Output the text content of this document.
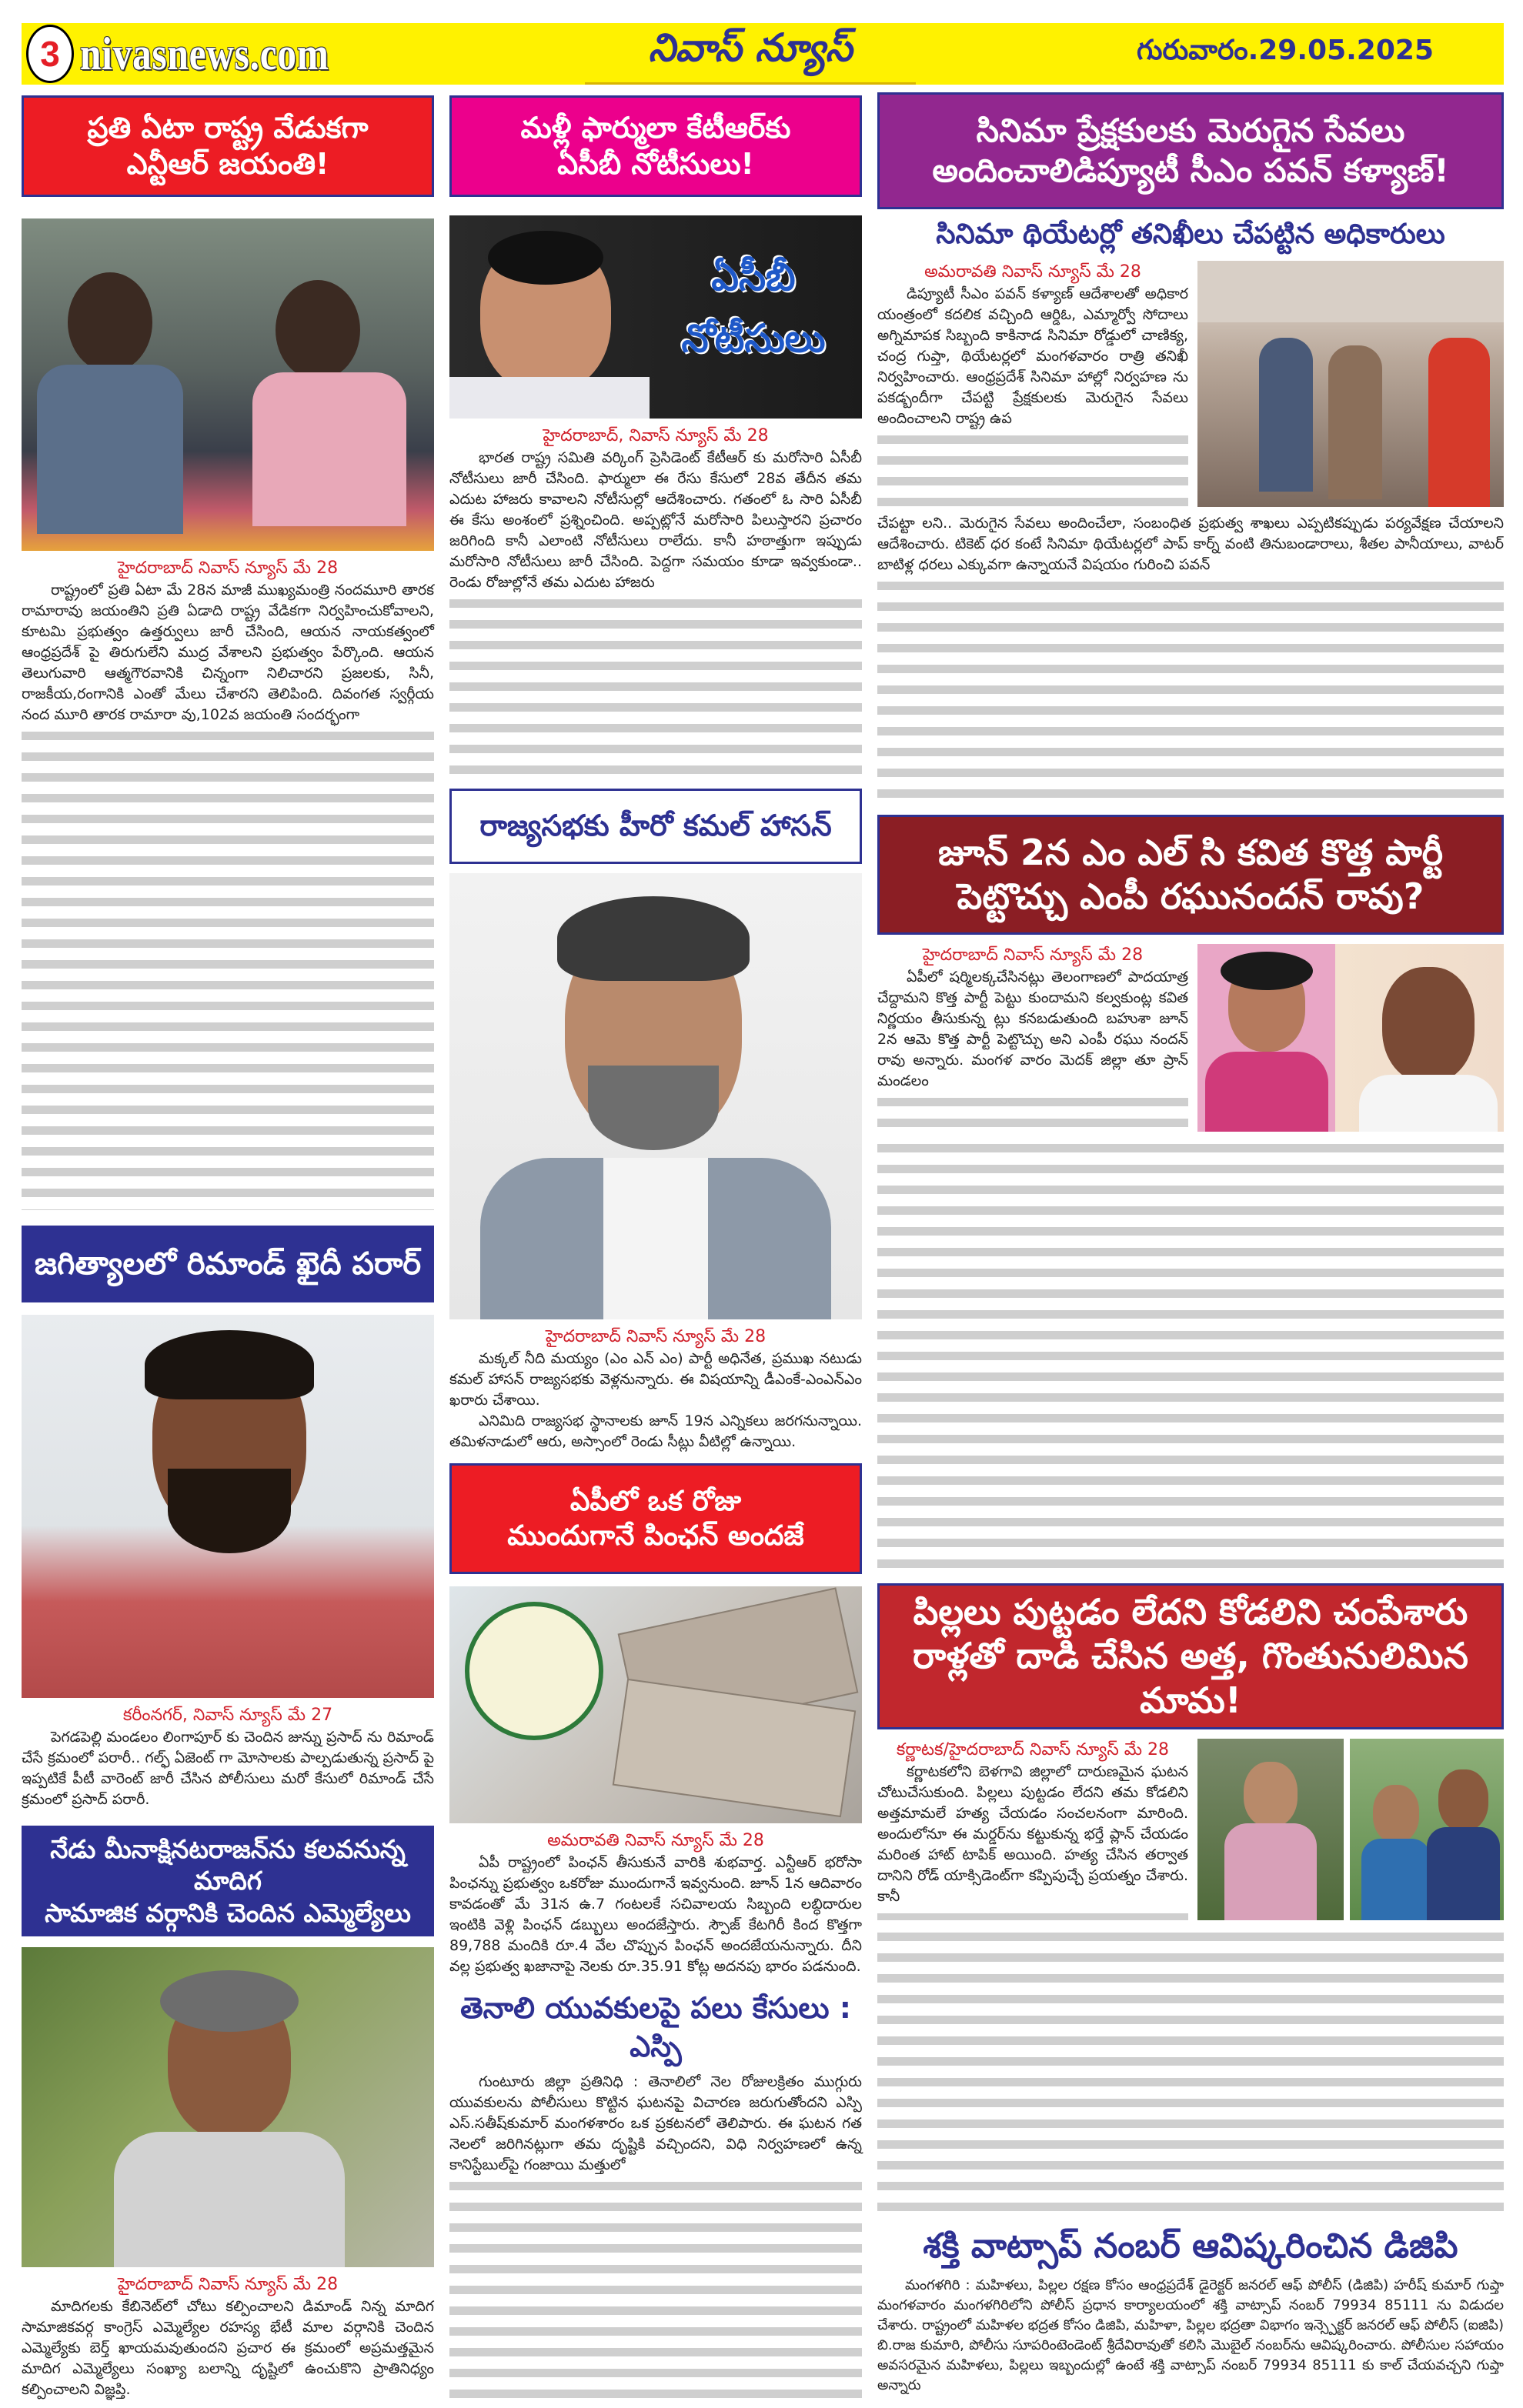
3 nivasnews.com	నివాస్ న్యూస్	గురువారం.29.05.2025
ప్రతి ఏటా రాష్ట్ర వేడుకగా
ఎన్టీఆర్ జయంతి!
హైదరాబాద్ నివాస్ న్యూస్ మే 28

రాష్ట్రంలో ప్రతి ఏటా మే 28న మాజీ ముఖ్యమంత్రి నందమూరి తారక రామారావు జయంతిని ప్రతి ఏడాది రాష్ట్ర వేడికగా నిర్వహించుకోవాలని, కూటమి ప్రభుత్వం ఉత్తర్వులు జారీ చేసింది, ఆయన నాయకత్వంలో ఆంధ్రప్రదేశ్ పై తిరుగులేని ముద్ర వేశాలని ప్రభుత్వం పేర్కొంది. ఆయన తెలుగువారి ఆత్మగౌరవానికి చిన్నంగా నిలిచారని ప్రజలకు, సినీ, రాజకీయ,రంగానికి ఎంతో మేలు చేశారని తెలిపింది. దివంగత స్వర్గీయ నంద మూరి తారక రామారా వు,102వ జయంతి సందర్భంగా

జగిత్యాలలో రిమాండ్ ఖైదీ పరార్
కరీంనగర్, నివాస్ న్యూస్ మే 27

పెగడపెల్లి మండలం లింగాపూర్ కు చెందిన జున్ను ప్రసాద్ ను రిమాండ్ చేసే క్రమంలో పరారీ.. గల్ఫ్ ఏజెంట్ గా మోసాలకు పాల్పడుతున్న ప్రసాద్ పై ఇప్పటికే పీటీ వారెంట్ జారీ చేసిన పోలీసులు మరో కేసులో రిమాండ్ చేసే క్రమంలో ప్రసాద్ పరారీ.

నేడు మీనాక్షినటరాజన్‌ను కలవనున్న మాదిగ
సామాజిక వర్గానికి చెందిన ఎమ్మెల్యేలు
హైదరాబాద్ నివాస్ న్యూస్ మే 28

మాదిగలకు కేబినెట్‌లో చోటు కల్పించాలని డిమాండ్ నిన్న మాదిగ సామాజికవర్గ కాంగ్రెస్ ఎమ్మెల్యేల రహస్య భేటీ మాల వర్గానికి చెందిన ఎమ్మెల్యేకు బెర్త్ ఖాయమవుతుందని ప్రచార ఈ క్రమంలో అప్రమత్తమైన మాదిగ ఎమ్మెల్యేలు సంఖ్యా బలాన్ని దృష్టిలో ఉంచుకొని ప్రాతినిధ్యం కల్పించాలని విజ్ఞప్తి.

మళ్లీ ఫార్ములా కేటీఆర్‌కు
ఏసీబీ నోటీసులు!
ఏసీబీ నోటీసులు
హైదరాబాద్, నివాస్ న్యూస్ మే 28

భారత రాష్ట్ర సమితి వర్కింగ్ ప్రెసిడెంట్ కేటీఆర్ కు మరోసారి ఏసీబీ నోటీసులు జారీ చేసింది. ఫార్ములా ఈ రేసు కేసులో 28వ తేదీన తమ ఎదుట హాజరు కావాలని నోటీసుల్లో ఆదేశించారు. గతంలో ఓ సారి ఏసీబీ ఈ కేసు అంశంలో ప్రశ్నించింది. అప్పట్లోనే మరోసారి పిలుస్తారని ప్రచారం జరిగింది కానీ ఎలాంటి నోటీసులు రాలేదు. కానీ హఠాత్తుగా ఇప్పుడు మరోసారి నోటీసులు జారీ చేసింది. పెద్దగా సమయం కూడా ఇవ్వకుండా.. రెండు రోజుల్లోనే తమ ఎదుట హాజరు

రాజ్యసభకు హీరో కమల్ హాసన్
హైదరాబాద్ నివాస్ న్యూస్ మే 28

మక్కల్ నీది మయ్యం (ఎం ఎన్ ఎం) పార్టీ అధినేత, ప్రముఖ నటుడు కమల్ హాసన్ రాజ్యసభకు వెళ్లనున్నారు. ఈ విషయాన్ని డీఎంకే-ఎంఎన్ఎం ఖరారు చేశాయి.

ఎనిమిది రాజ్యసభ స్థానాలకు జూన్ 19న ఎన్నికలు జరగనున్నాయి. తమిళనాడులో ఆరు, అస్సాంలో రెండు సీట్లు వీటిల్లో ఉన్నాయి.

ఏపీలో ఒక రోజు
ముందుగానే పింఛన్ అందజే
అమరావతి నివాస్ న్యూస్ మే 28

ఏపీ రాష్ట్రంలో పింఛన్ తీసుకునే వారికి శుభవార్త. ఎన్టీఆర్ భరోసా పింఛన్ను ప్రభుత్వం ఒకరోజు ముందుగానే ఇవ్వనుంది. జూన్ 1న ఆదివారం కావడంతో మే 31న ఉ.7 గంటలకే సచివాలయ సిబ్బంది లబ్ధిదారుల ఇంటికి వెళ్లి పింఛన్ డబ్బులు అందజేస్తారు. స్పౌజ్ కేటగిరీ కింద కొత్తగా 89,788 మందికి రూ.4 వేల చొప్పున పింఛన్ అందజేయనున్నారు. దీని వల్ల ప్రభుత్వ ఖజానాపై నెలకు రూ.35.91 కోట్ల అదనపు భారం పడనుంది.

తెనాలి యువకులపై పలు కేసులు : ఎస్పి

గుంటూరు జిల్లా ప్రతినిధి : తెనాలిలో నెల రోజులక్రితం ముగ్గురు యువకులను పోలీసులు కొట్టిన ఘటనపై విచారణ జరుగుతోందని ఎస్పి ఎస్.సతీష్‌కుమార్ మంగళశారం ఒక ప్రకటనలో తెలిపారు. ఈ ఘటన గత నెలలో జరిగినట్లుగా తమ దృష్టికి వచ్చిందని, విధి నిర్వహణలో ఉన్న కానిస్టేబుల్‌పై గంజాయి మత్తులో

సినిమా ప్రేక్షకులకు మెరుగైన సేవలు
అందించాలిడిప్యూటీ సీఎం పవన్ కళ్యాణ్!
సినిమా థియేటర్లో తనిఖీలు చేపట్టిన అధికారులు
అమరావతి నివాస్ న్యూస్ మే 28

డిప్యూటీ సీఎం పవన్ కళ్యాణ్ ఆదేశాలతో అధికార యంత్రంలో కదలిక వచ్చింది ఆర్డిఓ, ఎమ్మార్వో సోదాలు అగ్నిమాపక సిబ్బంది కాకినాడ సినిమా రోడ్డులో చాణిక్య, చంద్ర గుప్తా, థియేటర్లలో మంగళవారం రాత్రి తనిఖీ నిర్వహించారు. ఆంధ్రప్రదేశ్ సినిమా హాల్లో నిర్వహణ ను పకడ్బందీగా చేపట్టి ప్రేక్షకులకు మెరుగైన సేవలు అందించాలని రాష్ట్ర ఉప

చేపట్టా లని.. మెరుగైన సేవలు అందించేలా, సంబంధిత ప్రభుత్వ శాఖలు ఎప్పటికప్పుడు పర్యవేక్షణ చేయాలని ఆదేశించారు. టికెట్ ధర కంటే సినిమా థియేటర్లలో పాప్ కార్న్ వంటి తినుబండారాలు, శీతల పానీయాలు, వాటర్ బాటిళ్ల ధరలు ఎక్కువగా ఉన్నాయనే విషయం గురించి పవన్

జూన్ 2న ఎం ఎల్ సి కవిత కొత్త పార్టీ
పెట్టొచ్చు ఎంపీ రఘునందన్ రావు?
హైదరాబాద్ నివాస్ న్యూస్ మే 28

ఏపీలో షర్మిలక్కచేసినట్లు తెలంగాణలో పాదయాత్ర చేద్దామని కొత్త పార్టీ పెట్టు కుందామని కల్వకుంట్ల కవిత నిర్ణయం తీసుకున్న ట్లు కనబడుతుంది బహుశా జూన్ 2న ఆమె కొత్త పార్టీ పెట్టొచ్చు అని ఎంపీ రఘు నందన్ రావు అన్నారు. మంగళ వారం మెదక్ జిల్లా తూ ప్రాన్ మండలం

పిల్లలు పుట్టడం లేదని కోడలిని చంపేశారు
రాళ్లతో దాడి చేసిన అత్త, గొంతునులిమిన మామ!
కర్ణాటక/హైదరాబాద్ నివాస్ న్యూస్ మే 28

కర్ణాటకలోని బెళగావి జిల్లాలో దారుణమైన ఘటన చోటుచేసుకుంది. పిల్లలు పుట్టడం లేదని తమ కోడలిని అత్తమామలే హత్య చేయడం సంచలనంగా మారింది. అందులోనూ ఈ మర్డర్‌ను కట్టుకున్న భర్తే ప్లాన్ చేయడం మరింత హాట్ టాపిక్ అయింది. హత్య చేసిన తర్వాత దానిని రోడ్ యాక్సిడెంట్‌గా కప్పిపుచ్చే ప్రయత్నం చేశారు. కానీ

శక్తి వాట్సాప్ నంబర్ ఆవిష్కరించిన డిజిపి

మంగళగిరి : మహిళలు, పిల్లల రక్షణ కోసం ఆంధ్రప్రదేశ్ డైరెక్టర్ జనరల్ ఆఫ్ పోలీస్ (డిజిపి) హరీష్ కుమార్ గుప్తా మంగళవారం మంగళగిరిలోని పోలీస్ ప్రధాన కార్యాలయంలో శక్తి వాట్సాప్ నంబర్ 79934 85111 ను విడుదల చేశారు. రాష్ట్రంలో మహిళల భద్రత కోసం డిజిపి, మహిళా, పిల్లల భద్రతా విభాగం ఇన్స్పెక్టర్ జనరల్ ఆఫ్ పోలీస్ (ఐజిపి) బి.రాజ కుమారి, పోలీసు సూపరింటెండెంట్ శ్రీదేవిరావుతో కలిసి మొబైల్ నంబర్‌ను ఆవిష్కరించారు. పోలీసుల సహాయం అవసరమైన మహిళలు, పిల్లలు ఇబ్బందుల్లో ఉంటే శక్తి వాట్సాప్ నంబర్ 79934 85111 కు కాల్ చేయవచ్చని గుప్తా అన్నారు
